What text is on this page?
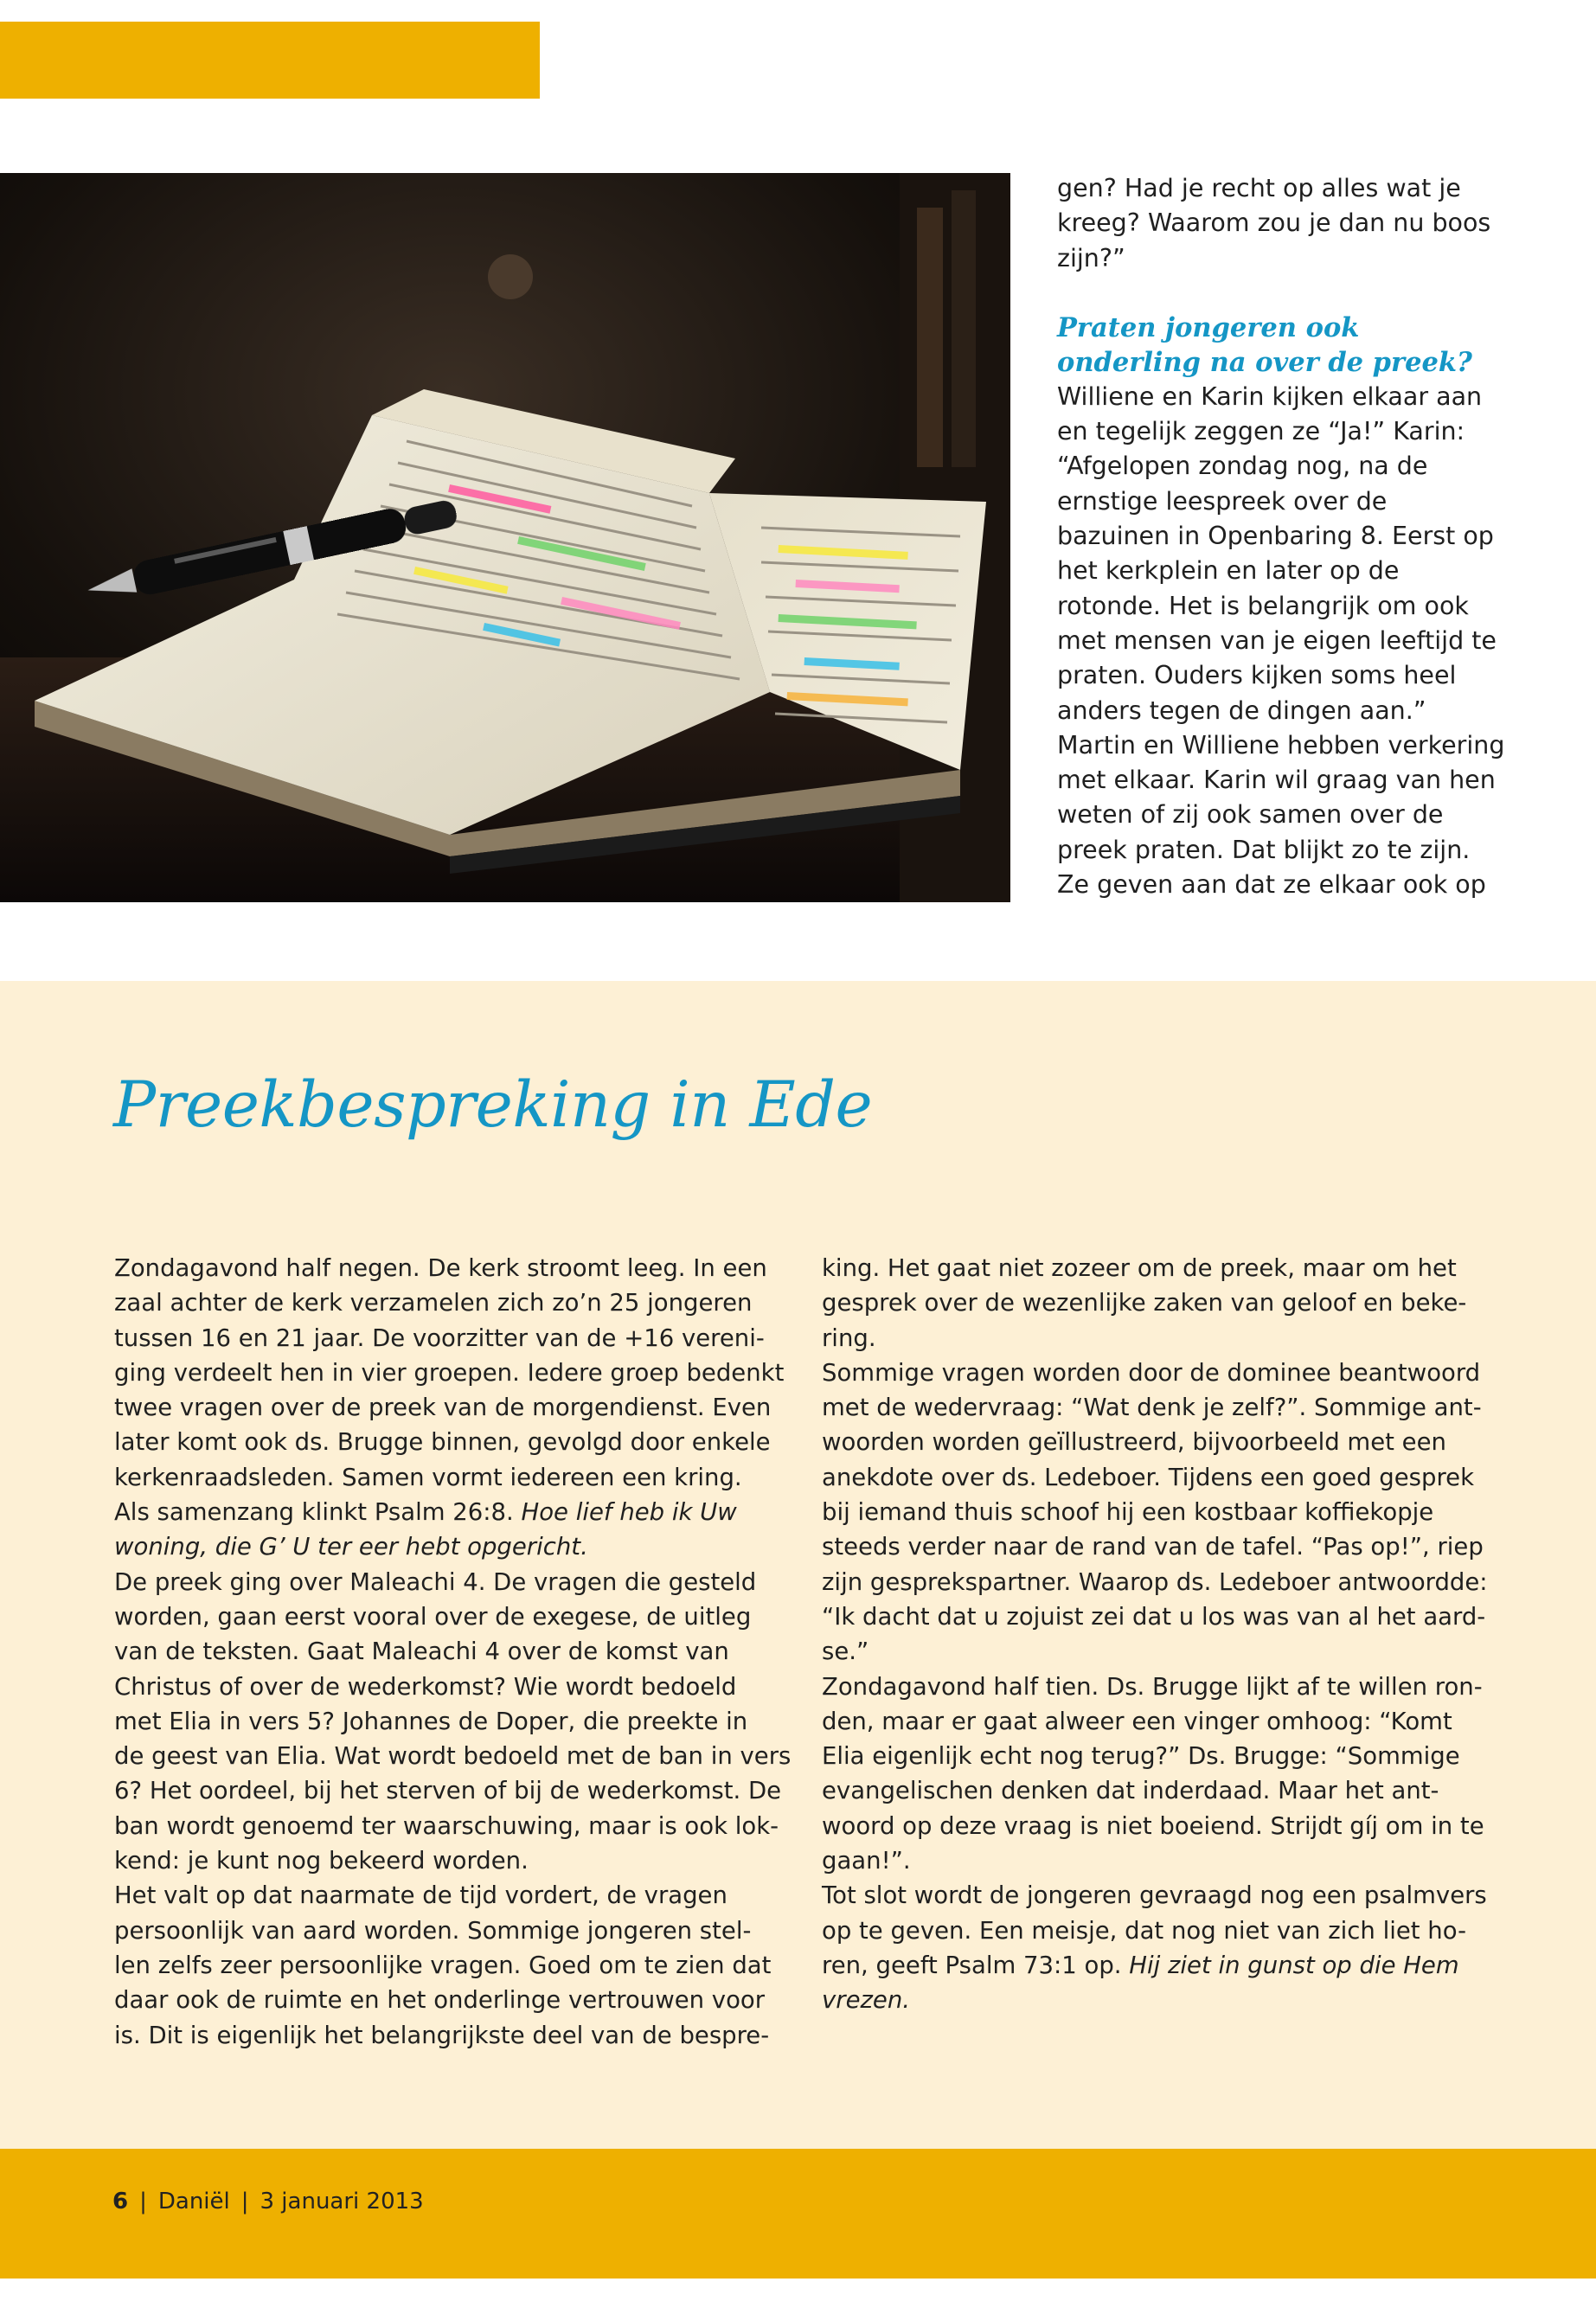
gen? Had je recht op alles wat je kreeg? Waarom zou je dan nu boos zijn?”

Praten jongeren ook onderling na over de preek?

Williene en Karin kijken elkaar aan en tegelijk zeggen ze “Ja!” Karin: “Afgelopen zondag nog, na de ernstige leespreek over de bazuinen in Openbaring 8. Eerst op het kerkplein en later op de rotonde. Het is belangrijk om ook met mensen van je eigen leeftijd te praten. Ouders kijken soms heel anders tegen de dingen aan.”

Martin en Williene hebben verkering met elkaar. Karin wil graag van hen weten of zij ook samen over de preek praten. Dat blijkt zo te zijn. Ze geven aan dat ze elkaar ook op

Preekbespreking in Ede

Zondagavond half negen. De kerk stroomt leeg. In een

zaal achter de kerk verzamelen zich zo’n 25 jongeren

tussen 16 en 21 jaar. De voorzitter van de +16 vereni-

ging verdeelt hen in vier groepen. Iedere groep bedenkt

twee vragen over de preek van de morgendienst. Even

later komt ook ds. Brugge binnen, gevolgd door enkele

kerkenraadsleden. Samen vormt iedereen een kring.

Als samenzang klinkt Psalm 26:8. Hoe lief heb ik Uw

woning, die G’ U ter eer hebt opgericht.

De preek ging over Maleachi 4. De vragen die gesteld

worden, gaan eerst vooral over de exegese, de uitleg

van de teksten. Gaat Maleachi 4 over de komst van

Christus of over de wederkomst? Wie wordt bedoeld

met Elia in vers 5? Johannes de Doper, die preekte in

de geest van Elia. Wat wordt bedoeld met de ban in vers

6? Het oordeel, bij het sterven of bij de wederkomst. De

ban wordt genoemd ter waarschuwing, maar is ook lok-

kend: je kunt nog bekeerd worden.

Het valt op dat naarmate de tijd vordert, de vragen

persoonlijk van aard worden. Sommige jongeren stel-

len zelfs zeer persoonlijke vragen. Goed om te zien dat

daar ook de ruimte en het onderlinge vertrouwen voor

is. Dit is eigenlijk het belangrijkste deel van de bespre-

king. Het gaat niet zozeer om de preek, maar om het

gesprek over de wezenlijke zaken van geloof en beke-

ring.

Sommige vragen worden door de dominee beantwoord

met de wedervraag: “Wat denk je zelf?”. Sommige ant-

woorden worden geïllustreerd, bijvoorbeeld met een

anekdote over ds. Ledeboer. Tijdens een goed gesprek

bij iemand thuis schoof hij een kostbaar koffiekopje

steeds verder naar de rand van de tafel. “Pas op!”, riep

zijn gesprekspartner. Waarop ds. Ledeboer antwoordde:

“Ik dacht dat u zojuist zei dat u los was van al het aard-

se.”

Zondagavond half tien. Ds. Brugge lijkt af te willen ron-

den, maar er gaat alweer een vinger omhoog: “Komt

Elia eigenlijk echt nog terug?” Ds. Brugge: “Sommige

evangelischen denken dat inderdaad. Maar het ant-

woord op deze vraag is niet boeiend. Strijdt gíj om in te

gaan!”.

Tot slot wordt de jongeren gevraagd nog een psalmvers

op te geven. Een meisje, dat nog niet van zich liet ho-

ren, geeft Psalm 73:1 op. Hij ziet in gunst op die Hem

vrezen.

6 | Daniël | 3 januari 2013
